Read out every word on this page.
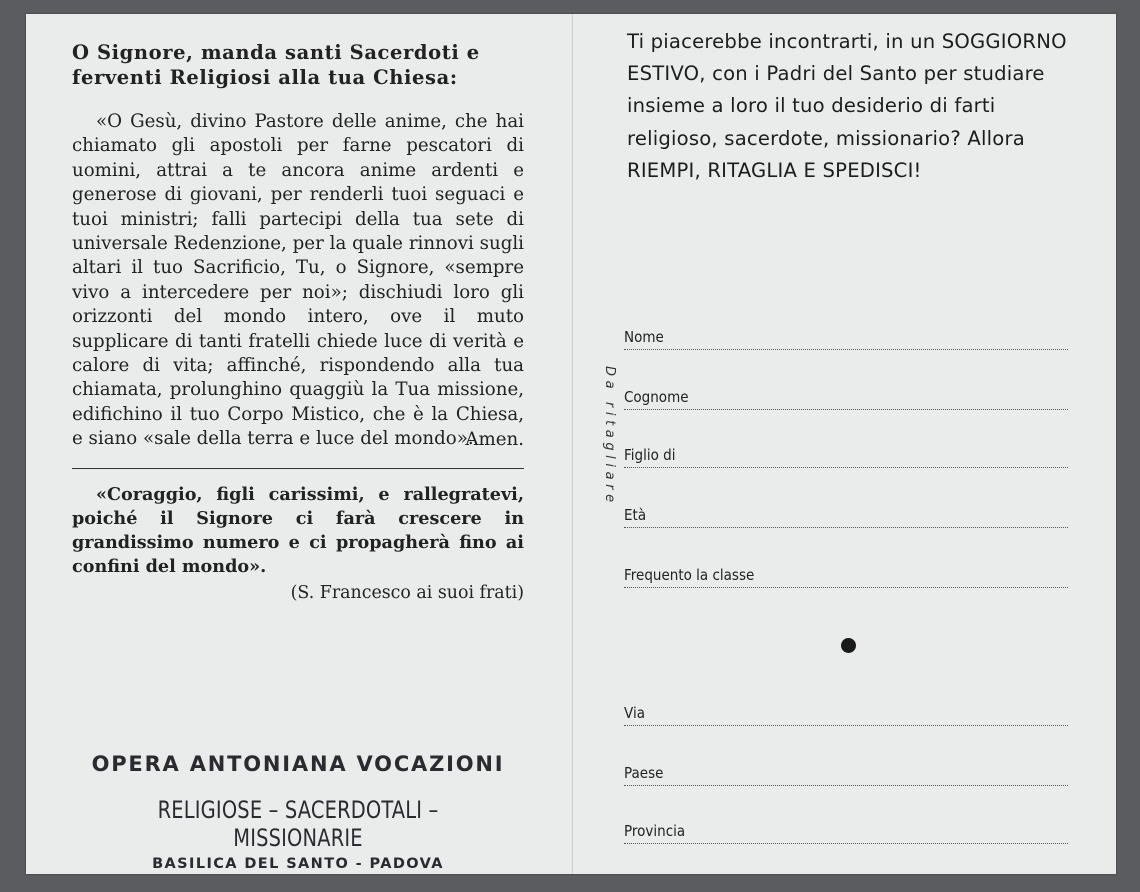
O Signore, manda santi Sacerdoti e ferventi Religiosi alla tua Chiesa:

«O Gesù, divino Pastore delle anime, che hai chiamato gli apostoli per farne pescatori di uomini, attrai a te ancora anime ardenti e generose di giovani, per renderli tuoi seguaci e tuoi ministri; falli partecipi della tua sete di universale Redenzione, per la quale rinnovi sugli altari il tuo Sacrificio, Tu, o Signore, «sempre vivo a intercedere per noi»; dischiudi loro gli orizzonti del mondo intero, ove il muto supplicare di tanti fratelli chiede luce di verità e calore di vita; affinché, rispondendo alla tua chiamata, prolunghino quaggiù la Tua missione, edifichino il tuo Corpo Mistico, che è la Chiesa, e siano «sale della terra e luce del mondo».

Amen.

«Coraggio, figli carissimi, e rallegratevi, poiché il Signore ci farà crescere in grandissimo numero e ci propagherà fino ai confini del mondo».

(S. Francesco ai suoi frati)
OPERA ANTONIANA VOCAZIONI
RELIGIOSE – SACERDOTALI – MISSIONARIE
BASILICA DEL SANTO - PADOVA
Da ritagliare

Ti piacerebbe incontrarti, in un SOGGIORNO ESTIVO, con i Padri del Santo per studiare insieme a loro il tuo desiderio di farti religioso, sacerdote, missionario? Allora RIEMPI, RITAGLIA E SPEDISCI!

Nome
Cognome
Figlio di
Età
Frequento la classe
Via
Paese
Provincia
